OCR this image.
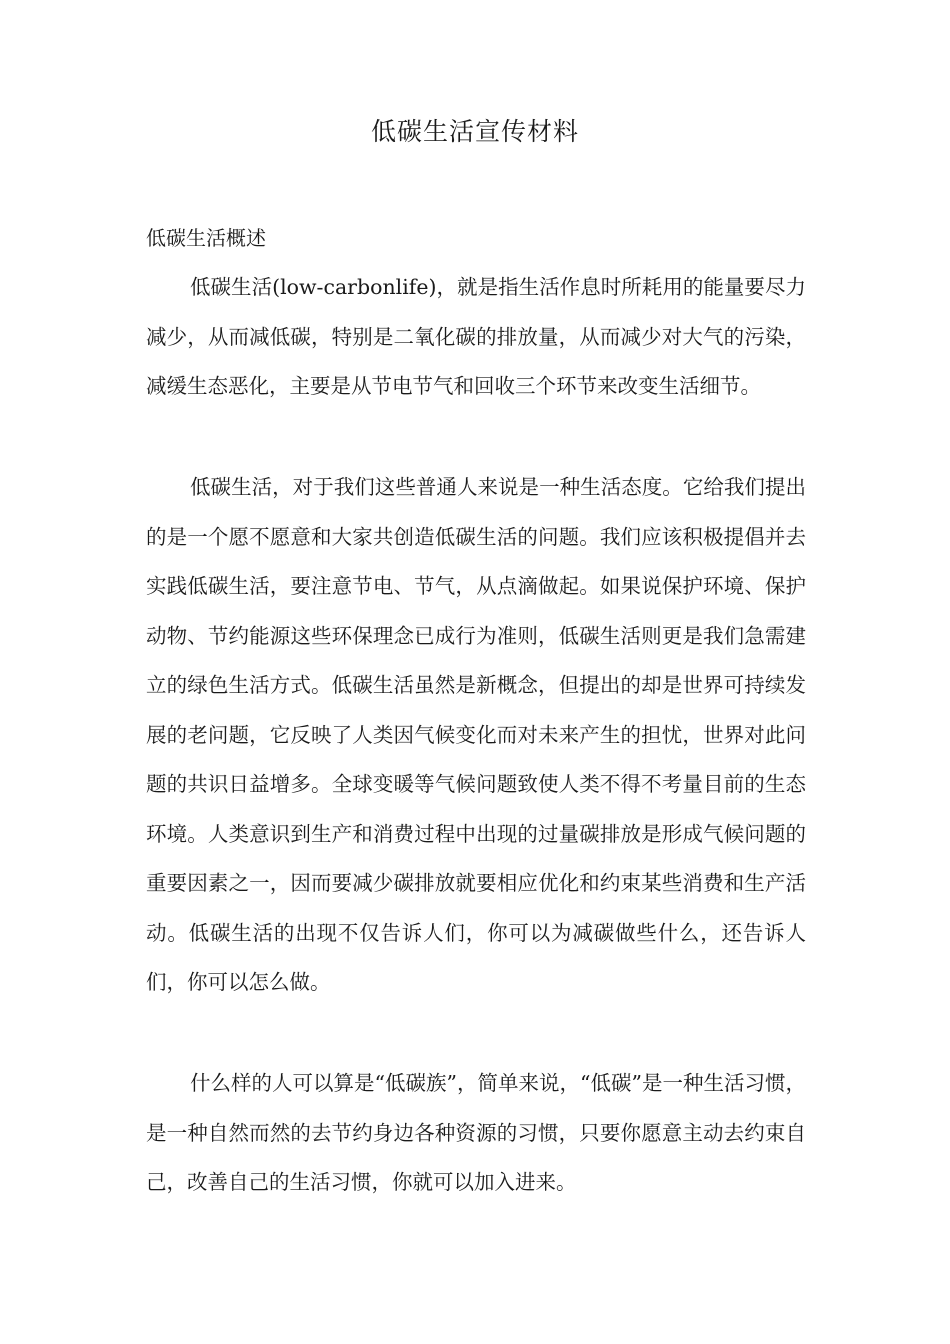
低碳生活宣传材料
低碳生活概述

低碳生活(low-carbonlife)，就是指生活作息时所耗用的能量要尽力减少，从而减低碳，特别是二氧化碳的排放量，从而减少对大气的污染，减缓生态恶化，主要是从节电节气和回收三个环节来改变生活细节。

低碳生活，对于我们这些普通人来说是一种生活态度。它给我们提出的是一个愿不愿意和大家共创造低碳生活的问题。我们应该积极提倡并去实践低碳生活，要注意节电、节气，从点滴做起。如果说保护环境、保护动物、节约能源这些环保理念已成行为准则，低碳生活则更是我们急需建立的绿色生活方式。低碳生活虽然是新概念，但提出的却是世界可持续发展的老问题，它反映了人类因气候变化而对未来产生的担忧，世界对此问题的共识日益增多。全球变暖等气候问题致使人类不得不考量目前的生态环境。人类意识到生产和消费过程中出现的过量碳排放是形成气候问题的重要因素之一，因而要减少碳排放就要相应优化和约束某些消费和生产活动。低碳生活的出现不仅告诉人们，你可以为减碳做些什么，还告诉人们，你可以怎么做。

什么样的人可以算是“低碳族”，简单来说，“低碳”是一种生活习惯，是一种自然而然的去节约身边各种资源的习惯，只要你愿意主动去约束自己，改善自己的生活习惯，你就可以加入进来。
